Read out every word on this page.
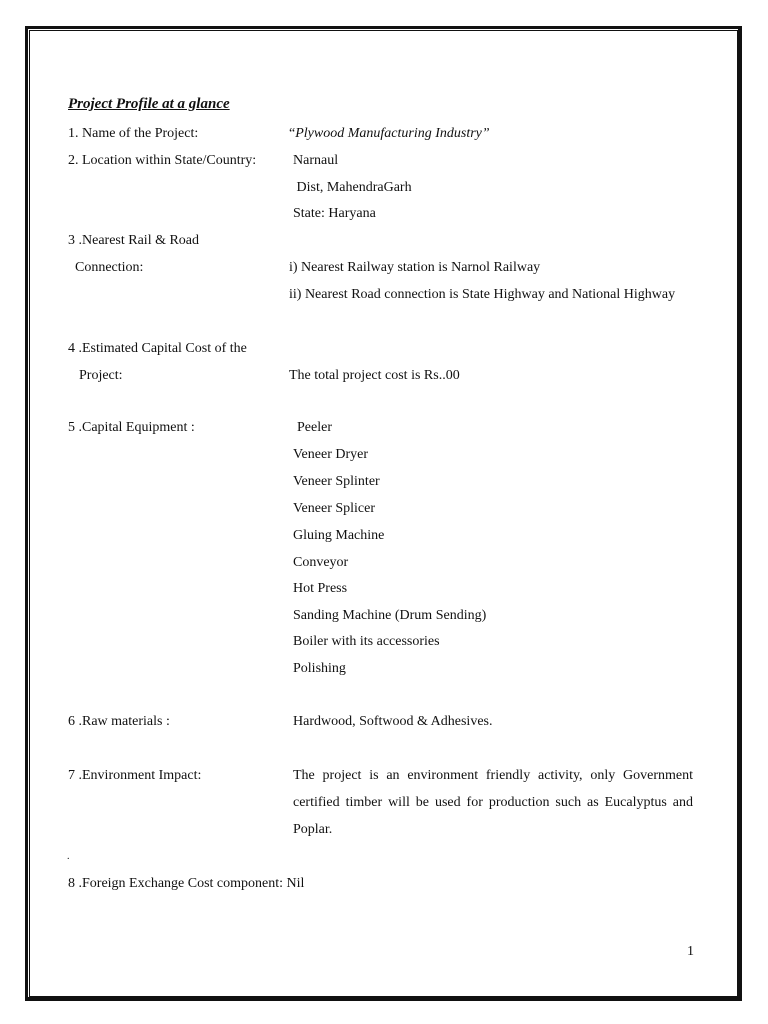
Project Profile at a glance
1. Name of the Project:	“Plywood Manufacturing Industry”
2. Location within State/Country:	Narnaul
Dist, MahendraGarh
State: Haryana
3 .Nearest Rail & Road
Connection:	i) Nearest Railway station is Narnol Railway
ii) Nearest Road connection is State Highway and National Highway
4 .Estimated Capital Cost of the
Project:	The total project cost is Rs..00
5 .Capital Equipment :	Peeler
Veneer Dryer
Veneer Splinter
Veneer Splicer
Gluing Machine
Conveyor
Hot Press
Sanding Machine (Drum Sending)
Boiler with its accessories
Polishing
6 .Raw materials :	Hardwood, Softwood & Adhesives.
7 .Environment Impact:	The project is an environment friendly activity, only Government certified timber will be used for production such as Eucalyptus and Poplar.
.
8 .Foreign Exchange Cost component: Nil
1
